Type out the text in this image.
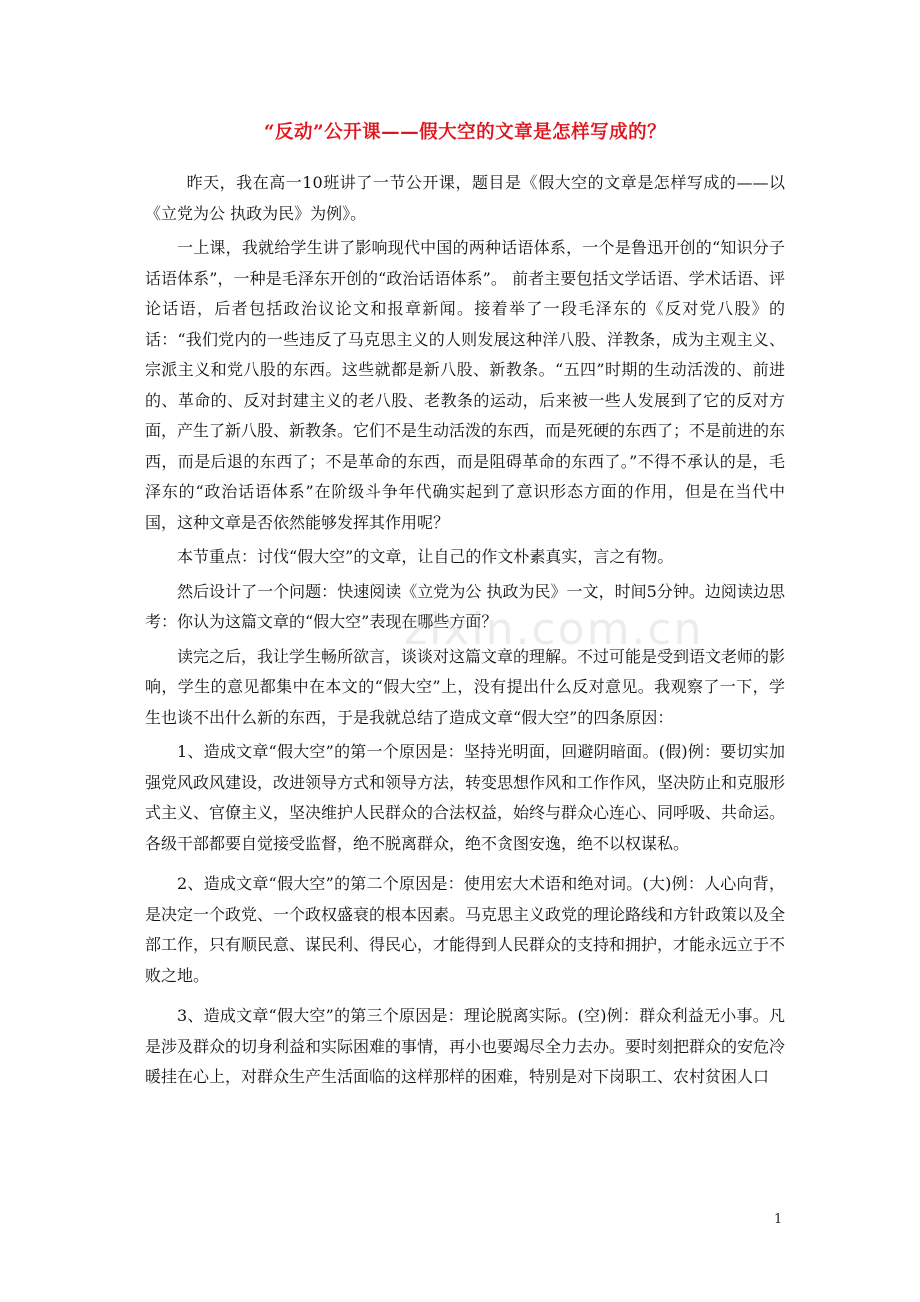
“反动”公开课——假大空的文章是怎样写成的？

昨天，我在高一10班讲了一节公开课，题目是《假大空的文章是怎样写成的——以《立党为公 执政为民》为例》。

一上课，我就给学生讲了影响现代中国的两种话语体系，一个是鲁迅开创的“知识分子话语体系”，一种是毛泽东开创的“政治话语体系”。 前者主要包括文学话语、学术话语、评论话语，后者包括政治议论文和报章新闻。接着举了一段毛泽东的《反对党八股》的话：“我们党内的一些违反了马克思主义的人则发展这种洋八股、洋教条，成为主观主义、宗派主义和党八股的东西。这些就都是新八股、新教条。“五四”时期的生动活泼的、前进的、革命的、反对封建主义的老八股、老教条的运动，后来被一些人发展到了它的反对方面，产生了新八股、新教条。它们不是生动活泼的东西，而是死硬的东西了；不是前进的东西，而是后退的东西了；不是革命的东西，而是阻碍革命的东西了。”不得不承认的是，毛泽东的“政治话语体系”在阶级斗争年代确实起到了意识形态方面的作用，但是在当代中国，这种文章是否依然能够发挥其作用呢？

本节重点：讨伐“假大空”的文章，让自己的作文朴素真实，言之有物。

然后设计了一个问题：快速阅读《立党为公 执政为民》一文，时间5分钟。边阅读边思考：你认为这篇文章的“假大空”表现在哪些方面？

读完之后，我让学生畅所欲言，谈谈对这篇文章的理解。不过可能是受到语文老师的影响，学生的意见都集中在本文的“假大空”上，没有提出什么反对意见。我观察了一下，学生也谈不出什么新的东西，于是我就总结了造成文章“假大空”的四条原因：

1、造成文章“假大空”的第一个原因是：坚持光明面，回避阴暗面。(假)例：要切实加强党风政风建设，改进领导方式和领导方法，转变思想作风和工作作风，坚决防止和克服形式主义、官僚主义，坚决维护人民群众的合法权益，始终与群众心连心、同呼吸、共命运。各级干部都要自觉接受监督，绝不脱离群众，绝不贪图安逸，绝不以权谋私。

2、造成文章“假大空”的第二个原因是：使用宏大术语和绝对词。(大)例：人心向背，是决定一个政党、一个政权盛衰的根本因素。马克思主义政党的理论路线和方针政策以及全部工作，只有顺民意、谋民利、得民心，才能得到人民群众的支持和拥护，才能永远立于不败之地。

3、造成文章“假大空”的第三个原因是：理论脱离实际。(空)例：群众利益无小事。凡是涉及群众的切身利益和实际困难的事情，再小也要竭尽全力去办。要时刻把群众的安危冷暖挂在心上，对群众生产生活面临的这样那样的困难，特别是对下岗职工、农村贫困人口

zixin.com.cn
1
